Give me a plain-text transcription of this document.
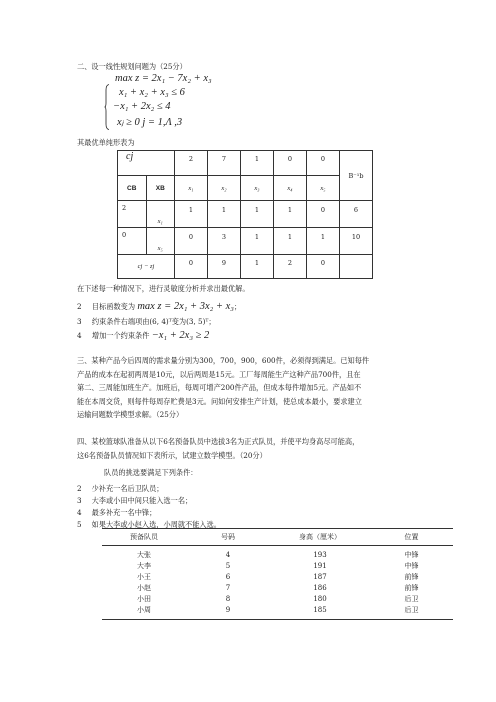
二、设一线性规划问题为（25分）
max z = 2x₁ − 7x₂ + x₃
x₁ + x₂ + x₃ ≤ 6
−x₁ + 2x₂ ≤ 4
xⱼ ≥ 0 j = 1,Λ ,3
其最优单纯形表为
cj		2	7	1	0	0	B⁻¹b
CB	XB	x₁	x₂	x₃	x₄	x₅	
2	x₁	1	1	1	1	0	6
0	x₅	0	3	1	1	1	10
cj − zj		0	9	1	2	0	
在下述每一种情况下，进行灵敏度分析并求出最优解。
2 目标函数变为 max z = 2x₁ + 3x₂ + x₃；
3 约束条件右端项由(6, 4)ᵀ变为(3, 5)ᵀ；
4 增加一个约束条件 −x₁ + 2x₃ ≥ 2
三、某种产品今后四周的需求量分别为300，700，900，600件，必须得到满足。已知每件
产品的成本在起初两周是10元，以后两周是15元。工厂每周能生产这种产品700件，且在
第二、三周能加班生产。加班后，每周可增产200件产品，但成本每件增加5元。产品如不
能在本周交货，则每件每周存贮费是3元。问如何安排生产计划，使总成本最小，要求建立
运输问题数学模型求解。（25分）
四、某校篮球队准备从以下6名预备队员中选拔3名为正式队员，并使平均身高尽可能高，
这6名预备队员情况如下表所示，试建立数学模型。（20分）
队员的挑选要满足下列条件：
2 少补充一名后卫队员；
3 大李或小田中间只能入选一名；
4 最多补充一名中锋；
5 如果大李或小赵入选，小周就不能入选。
预备队员	号码	身高（厘米）	位置
大张	4	193	中锋
大李	5	191	中锋
小王	6	187	前锋
小赵	7	186	前锋
小田	8	180	后卫
小周	9	185	后卫
